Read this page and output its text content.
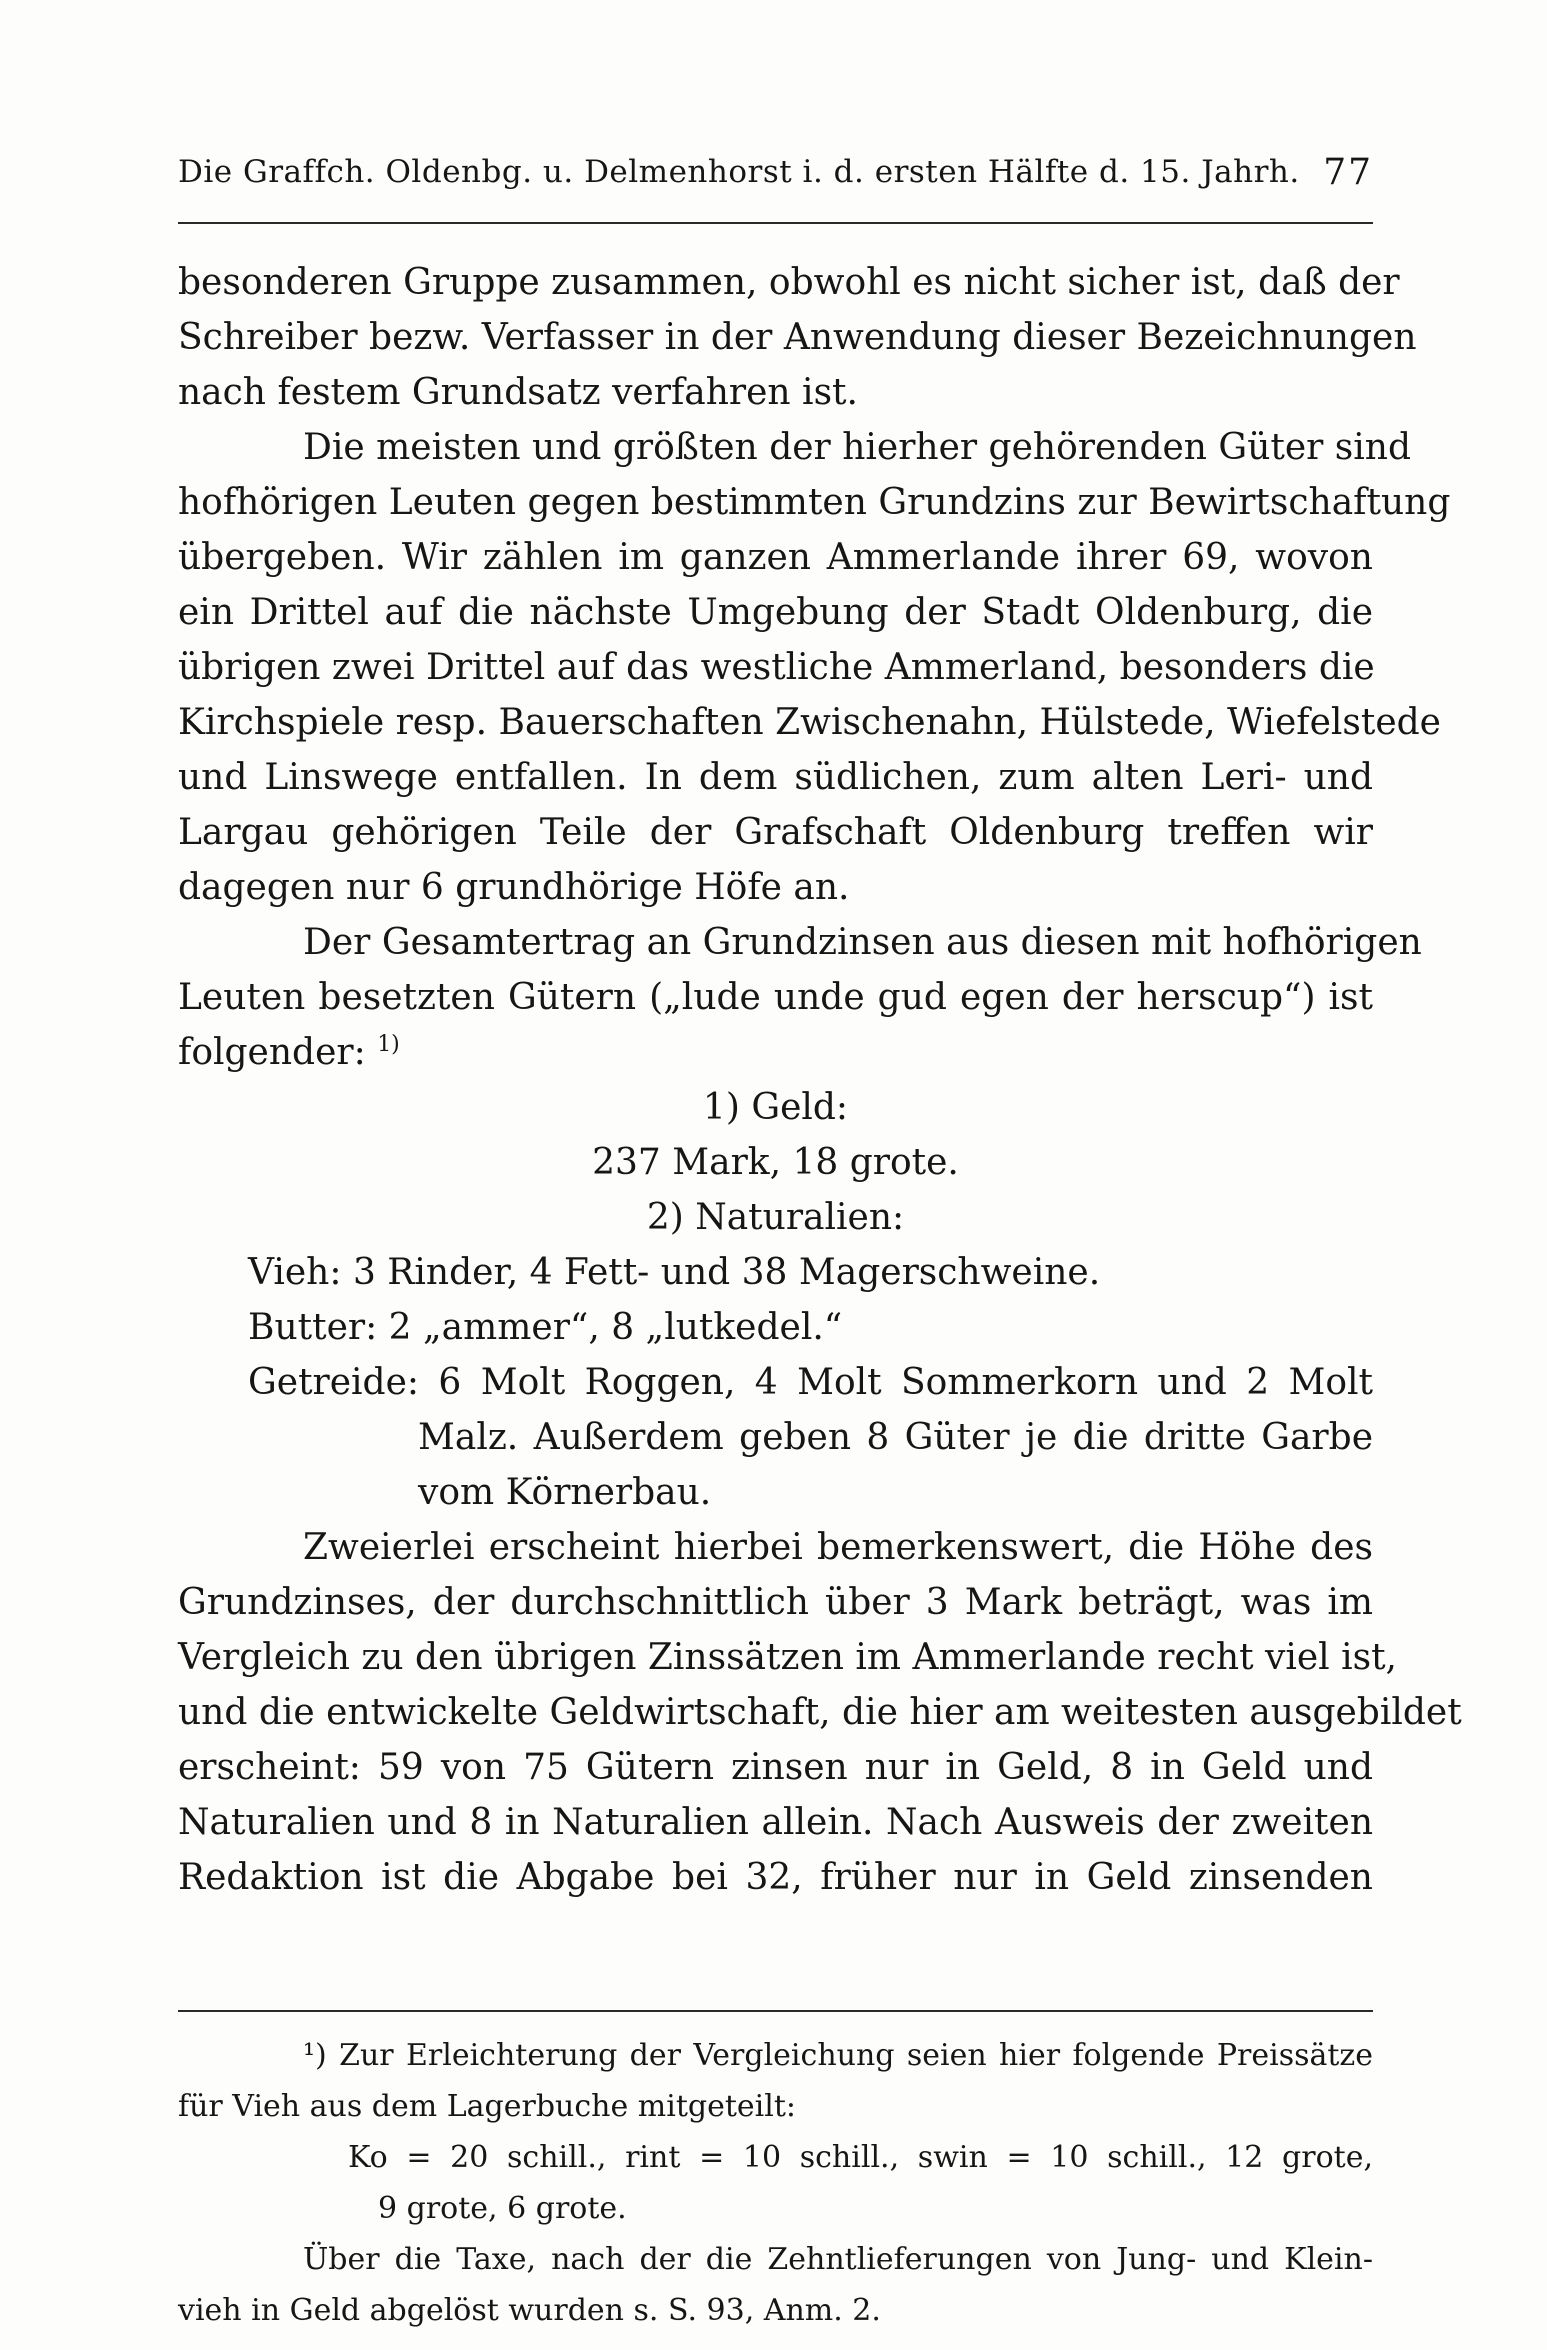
Die Graffch. Oldenbg. u. Delmenhorst i. d. ersten Hälfte d. 15. Jahrh. 77
besonderen Gruppe zusammen, obwohl es nicht sicher ist, daß der
Schreiber bezw. Verfasser in der Anwendung dieser Bezeichnungen
nach festem Grundsatz verfahren ist.
Die meisten und größten der hierher gehörenden Güter sind
hofhörigen Leuten gegen bestimmten Grundzins zur Bewirtschaftung
übergeben. Wir zählen im ganzen Ammerlande ihrer 69, wovon
ein Drittel auf die nächste Umgebung der Stadt Oldenburg, die
übrigen zwei Drittel auf das westliche Ammerland, besonders die
Kirchspiele resp. Bauerschaften Zwischenahn, Hülstede, Wiefelstede
und Linswege entfallen. In dem südlichen, zum alten Leri- und
Largau gehörigen Teile der Grafschaft Oldenburg treffen wir
dagegen nur 6 grundhörige Höfe an.
Der Gesamtertrag an Grundzinsen aus diesen mit hofhörigen
Leuten besetzten Gütern („lude unde gud egen der herscup“) ist
folgender: $^{1)}$
1) Geld:
237 Mark, 18 grote.
2) Naturalien:
Vieh: 3 Rinder, 4 Fett- und 38 Magerschweine.
Butter: 2 „ammer“, 8 „lutkedel.“
Getreide: 6 Molt Roggen, 4 Molt Sommerkorn und 2 Molt
Malz. Außerdem geben 8 Güter je die dritte Garbe
vom Körnerbau.
Zweierlei erscheint hierbei bemerkenswert, die Höhe des
Grundzinses, der durchschnittlich über 3 Mark beträgt, was im
Vergleich zu den übrigen Zinssätzen im Ammerlande recht viel ist,
und die entwickelte Geldwirtschaft, die hier am weitesten ausgebildet
erscheint: 59 von 75 Gütern zinsen nur in Geld, 8 in Geld und
Naturalien und 8 in Naturalien allein. Nach Ausweis der zweiten
Redaktion ist die Abgabe bei 32, früher nur in Geld zinsenden
¹) Zur Erleichterung der Vergleichung seien hier folgende Preissätze
für Vieh aus dem Lagerbuche mitgeteilt:
Ko = 20 schill., rint = 10 schill., swin = 10 schill., 12 grote,
9 grote, 6 grote.
Über die Taxe, nach der die Zehntlieferungen von Jung- und Klein-
vieh in Geld abgelöst wurden s. S. 93, Anm. 2.
